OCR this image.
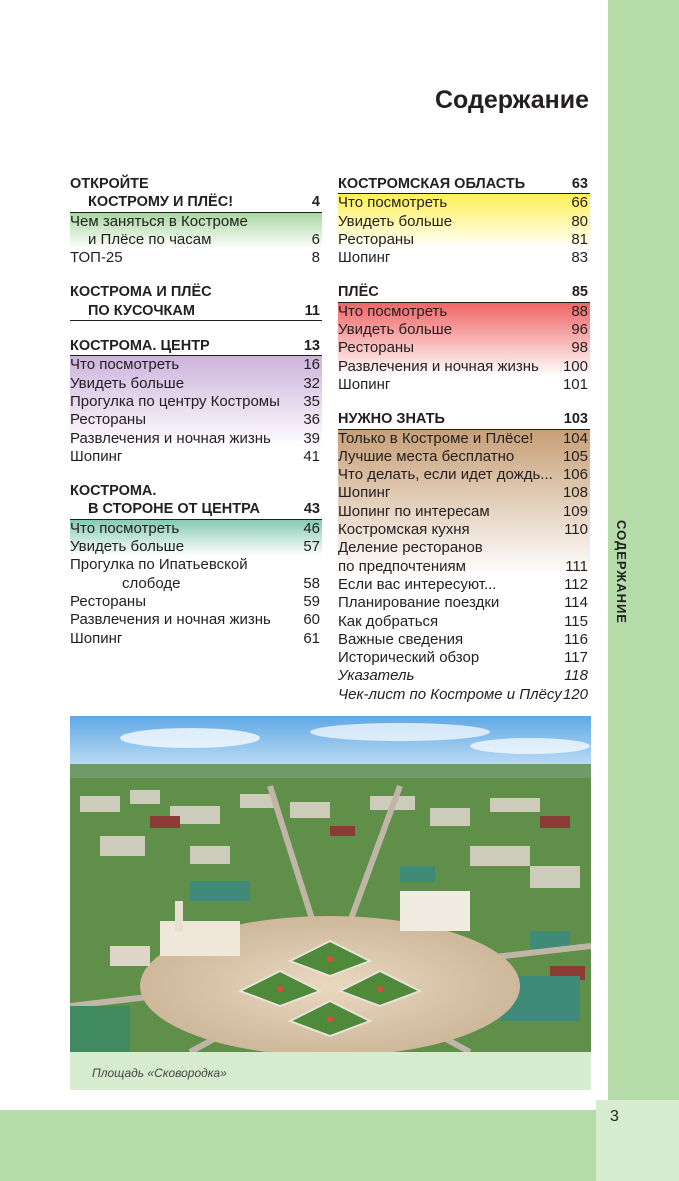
СОДЕРЖАНИЕ
3
Содержание
ОТКРОЙТЕ
КОСТРОМУ И ПЛЁС!	4
Чем заняться в Костроме
и Плёсе по часам	6
ТОП-25	8
КОСТРОМА И ПЛЁС
ПО КУСОЧКАМ	11
КОСТРОМА. ЦЕНТР	13
Что посмотреть	16
Увидеть больше	32
Прогулка по центру Костромы 35
Рестораны	36
Развлечения и ночная жизнь 39
Шопинг	41
КОСТРОМА.
В СТОРОНЕ ОТ ЦЕНТРА	43
Что посмотреть	46
Увидеть больше	57
Прогулка по Ипатьевской
слободе	58
Рестораны	59
Развлечения и ночная жизнь 60
Шопинг	61
КОСТРОМСКАЯ ОБЛАСТЬ	63
Что посмотреть	66
Увидеть больше	80
Рестораны	81
Шопинг	83
ПЛЁС	85
Что посмотреть	88
Увидеть больше	96
Рестораны	98
Развлечения и ночная жизнь 100
Шопинг	101
НУЖНО ЗНАТЬ	103
Только в Костроме и Плёсе! 104
Лучшие места бесплатно	105
Что делать, если идет дождь... 106
Шопинг	108
Шопинг по интересам	109
Костромская кухня	110
Деление ресторанов
по предпочтениям	111
Если вас интересуют...	112
Планирование поездки	114
Как добраться	115
Важные сведения	116
Исторический обзор	117
Указатель	118
Чек-лист по Костроме и Плёсу 120
Площадь «Сковородка»
